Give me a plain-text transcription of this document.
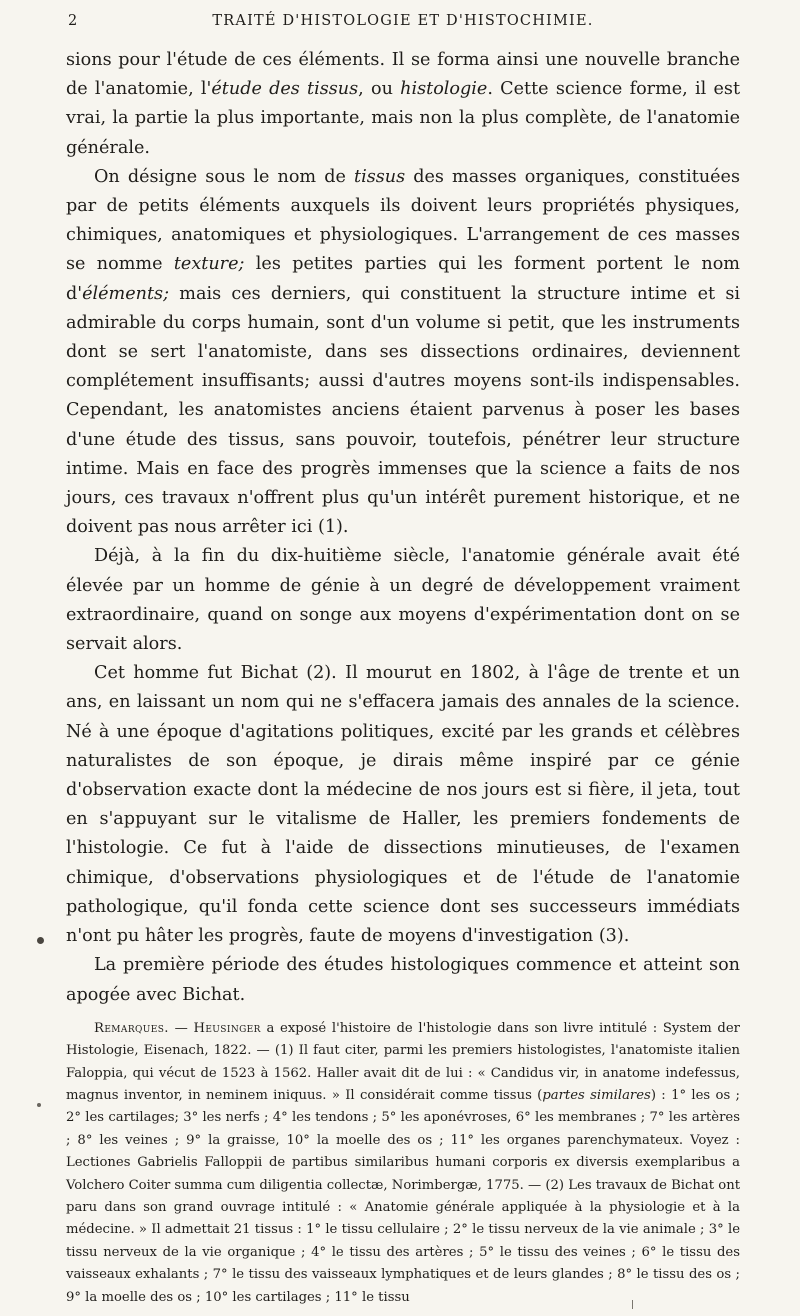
2	TRAITÉ D'HISTOLOGIE ET D'HISTOCHIMIE.

sions pour l'étude de ces éléments. Il se forma ainsi une nouvelle branche de l'anatomie, l'étude des tissus, ou histologie. Cette science forme, il est vrai, la partie la plus importante, mais non la plus complète, de l'anatomie générale.

On désigne sous le nom de tissus des masses organiques, constituées par de petits éléments auxquels ils doivent leurs propriétés physiques, chimiques, anatomiques et physiologiques. L'arrangement de ces masses se nomme texture; les petites parties qui les forment portent le nom d'éléments; mais ces derniers, qui constituent la structure intime et si admirable du corps humain, sont d'un volume si petit, que les instruments dont se sert l'anatomiste, dans ses dissections ordinaires, deviennent complétement insuffisants; aussi d'autres moyens sont-ils indispensables. Cependant, les anatomistes anciens étaient parvenus à poser les bases d'une étude des tissus, sans pouvoir, toutefois, pénétrer leur structure intime. Mais en face des progrès immenses que la science a faits de nos jours, ces travaux n'offrent plus qu'un intérêt purement historique, et ne doivent pas nous arrêter ici (1).

Déjà, à la fin du dix-huitième siècle, l'anatomie générale avait été élevée par un homme de génie à un degré de développement vraiment extraordinaire, quand on songe aux moyens d'expérimentation dont on se servait alors.

Cet homme fut Bichat (2). Il mourut en 1802, à l'âge de trente et un ans, en laissant un nom qui ne s'effacera jamais des annales de la science. Né à une époque d'agitations politiques, excité par les grands et célèbres naturalistes de son époque, je dirais même inspiré par ce génie d'observation exacte dont la médecine de nos jours est si fière, il jeta, tout en s'appuyant sur le vitalisme de Haller, les premiers fondements de l'histologie. Ce fut à l'aide de dissections minutieuses, de l'examen chimique, d'observations physiologiques et de l'étude de l'anatomie pathologique, qu'il fonda cette science dont ses successeurs immédiats n'ont pu hâter les progrès, faute de moyens d'investigation (3).

La première période des études histologiques commence et atteint son apogée avec Bichat.

Remarques. — Heusinger a exposé l'histoire de l'histologie dans son livre intitulé : System der Histologie, Eisenach, 1822. — (1) Il faut citer, parmi les premiers histologistes, l'anatomiste italien Faloppia, qui vécut de 1523 à 1562. Haller avait dit de lui : « Candidus vir, in anatome indefessus, magnus inventor, in neminem iniquus. » Il considérait comme tissus (partes similares) : 1° les os ; 2° les cartilages; 3° les nerfs ; 4° les tendons ; 5° les aponévroses, 6° les membranes ; 7° les artères ; 8° les veines ; 9° la graisse, 10° la moelle des os ; 11° les organes parenchymateux. Voyez : Lectiones Gabrielis Falloppii de partibus similaribus humani corporis ex diversis exemplaribus a Volchero Coiter summa cum diligentia collectæ, Norimbergæ, 1775. — (2) Les travaux de Bichat ont paru dans son grand ouvrage intitulé : « Anatomie générale appliquée à la physiologie et à la médecine. » Il admettait 21 tissus : 1° le tissu cellulaire ; 2° le tissu nerveux de la vie animale ; 3° le tissu nerveux de la vie organique ; 4° le tissu des artères ; 5° le tissu des veines ; 6° le tissu des vaisseaux exhalants ; 7° le tissu des vaisseaux lymphatiques et de leurs glandes ; 8° le tissu des os ; 9° la moelle des os ; 10° les cartilages ; 11° le tissu
